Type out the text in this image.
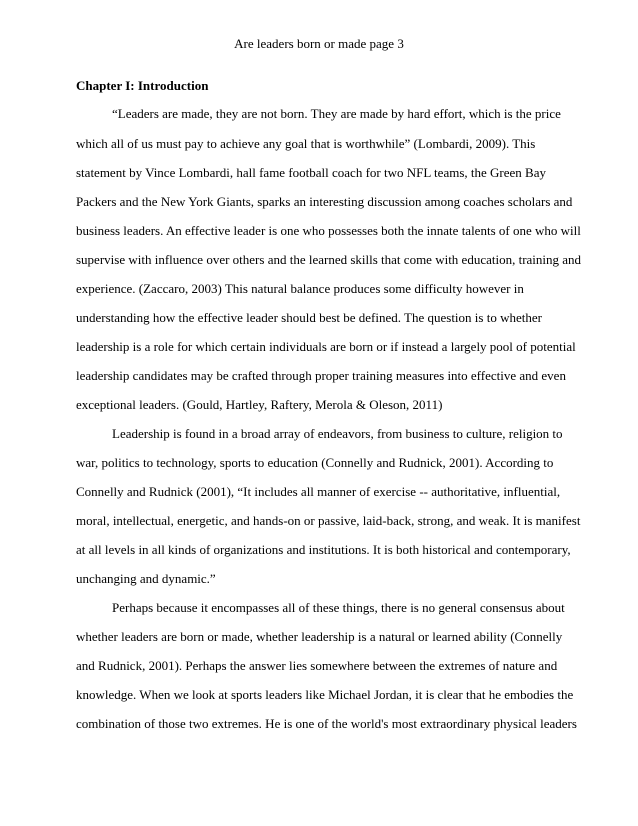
Are leaders born or made page 3
Chapter I: Introduction
“Leaders are made, they are not born. They are made by hard effort, which is the price
which all of us must pay to achieve any goal that is worthwhile” (Lombardi, 2009). This
statement by Vince Lombardi, hall fame football coach for two NFL teams, the Green Bay
Packers and the New York Giants, sparks an interesting discussion among coaches scholars and
business leaders. An effective leader is one who possesses both the innate talents of one who will
supervise with influence over others and the learned skills that come with education, training and
experience. (Zaccaro, 2003) This natural balance produces some difficulty however in
understanding how the effective leader should best be defined. The question is to whether
leadership is a role for which certain individuals are born or if instead a largely pool of potential
leadership candidates may be crafted through proper training measures into effective and even
exceptional leaders. (Gould, Hartley, Raftery, Merola & Oleson, 2011)
Leadership is found in a broad array of endeavors, from business to culture, religion to
war, politics to technology, sports to education (Connelly and Rudnick, 2001). According to
Connelly and Rudnick (2001), “It includes all manner of exercise -- authoritative, influential,
moral, intellectual, energetic, and hands-on or passive, laid-back, strong, and weak. It is manifest
at all levels in all kinds of organizations and institutions. It is both historical and contemporary,
unchanging and dynamic.”
Perhaps because it encompasses all of these things, there is no general consensus about
whether leaders are born or made, whether leadership is a natural or learned ability (Connelly
and Rudnick, 2001). Perhaps the answer lies somewhere between the extremes of nature and
knowledge. When we look at sports leaders like Michael Jordan, it is clear that he embodies the
combination of those two extremes. He is one of the world's most extraordinary physical leaders
